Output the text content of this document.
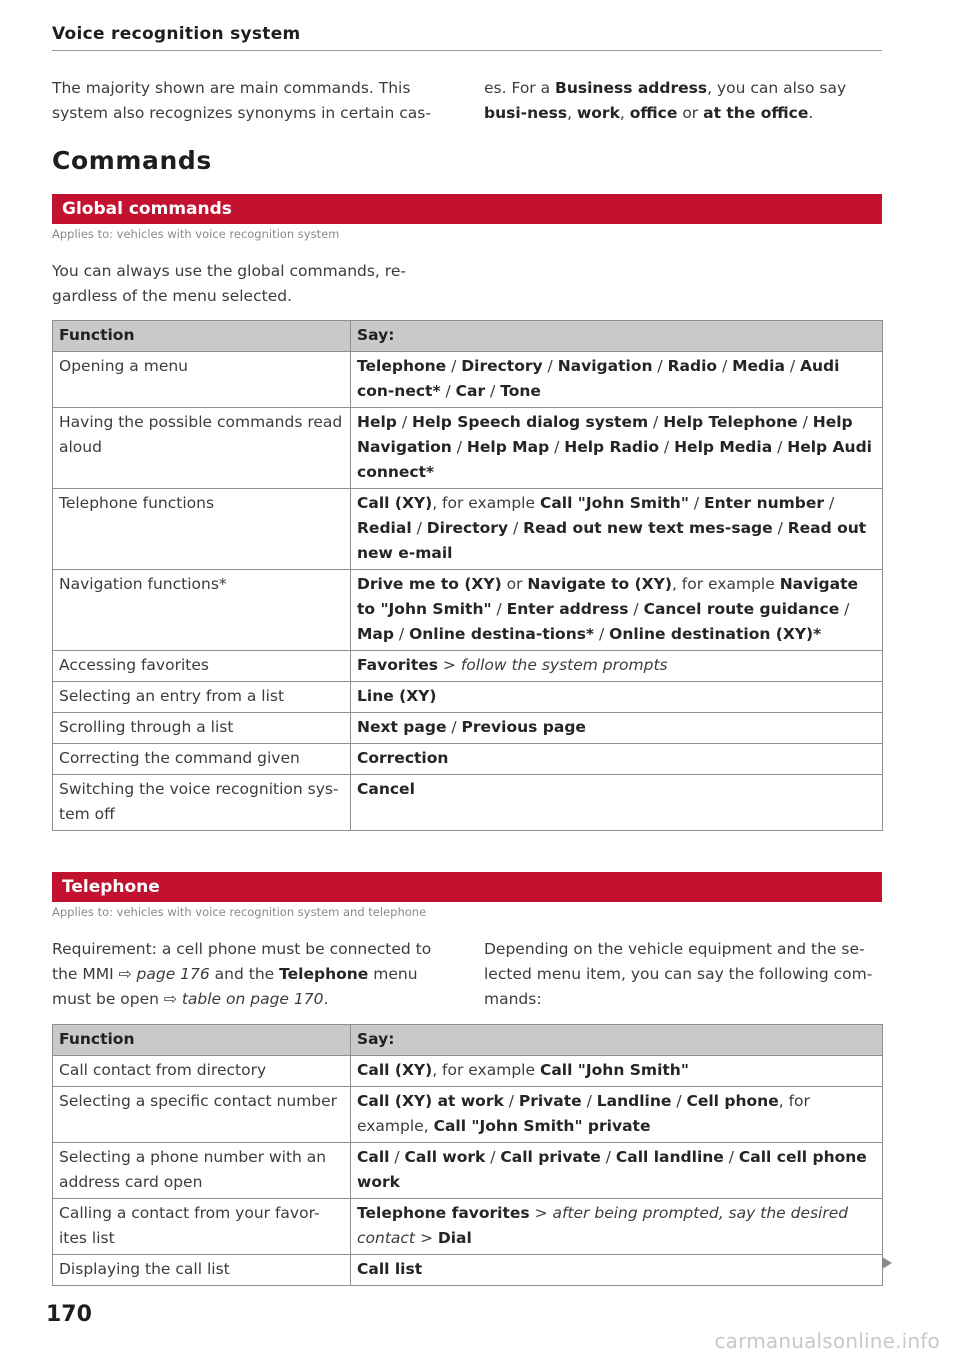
Voice recognition system
The majority shown are main commands. This system also recognizes synonyms in certain cas-
es. For a Business address, you can also say busi-ness, work, office or at the office.
Commands
Global commands
Applies to: vehicles with voice recognition system
You can always use the global commands, re-gardless of the menu selected.
Function	Say:
Opening a menu	Telephone / Directory / Navigation / Radio / Media / Audi con-nect* / Car / Tone
Having the possible commands read aloud	Help / Help Speech dialog system / Help Telephone / Help Navigation / Help Map / Help Radio / Help Media / Help Audi connect*
Telephone functions	Call (XY), for example Call "John Smith" / Enter number / Redial / Directory / Read out new text mes-sage / Read out new e-mail
Navigation functions*	Drive me to (XY) or Navigate to (XY), for example Navigate to "John Smith" / Enter address / Cancel route guidance / Map / Online destina-tions* / Online destination (XY)*
Accessing favorites	Favorites > follow the system prompts
Selecting an entry from a list	Line (XY)
Scrolling through a list	Next page / Previous page
Correcting the command given	Correction
Switching the voice recognition sys-tem off	Cancel
Telephone
Applies to: vehicles with voice recognition system and telephone
Requirement: a cell phone must be connected to the MMI ⇨ page 176 and the Telephone menu must be open ⇨ table on page 170.
Depending on the vehicle equipment and the se-lected menu item, you can say the following com-mands:
Function	Say:
Call contact from directory	Call (XY), for example Call "John Smith"
Selecting a specific contact number	Call (XY) at work / Private / Landline / Cell phone, for example, Call "John Smith" private
Selecting a phone number with an address card open	Call / Call work / Call private / Call landline / Call cell phone work
Calling a contact from your favor-ites list	Telephone favorites > after being prompted, say the desired contact > Dial
Displaying the call list	Call list
170
carmanualsonline.info
